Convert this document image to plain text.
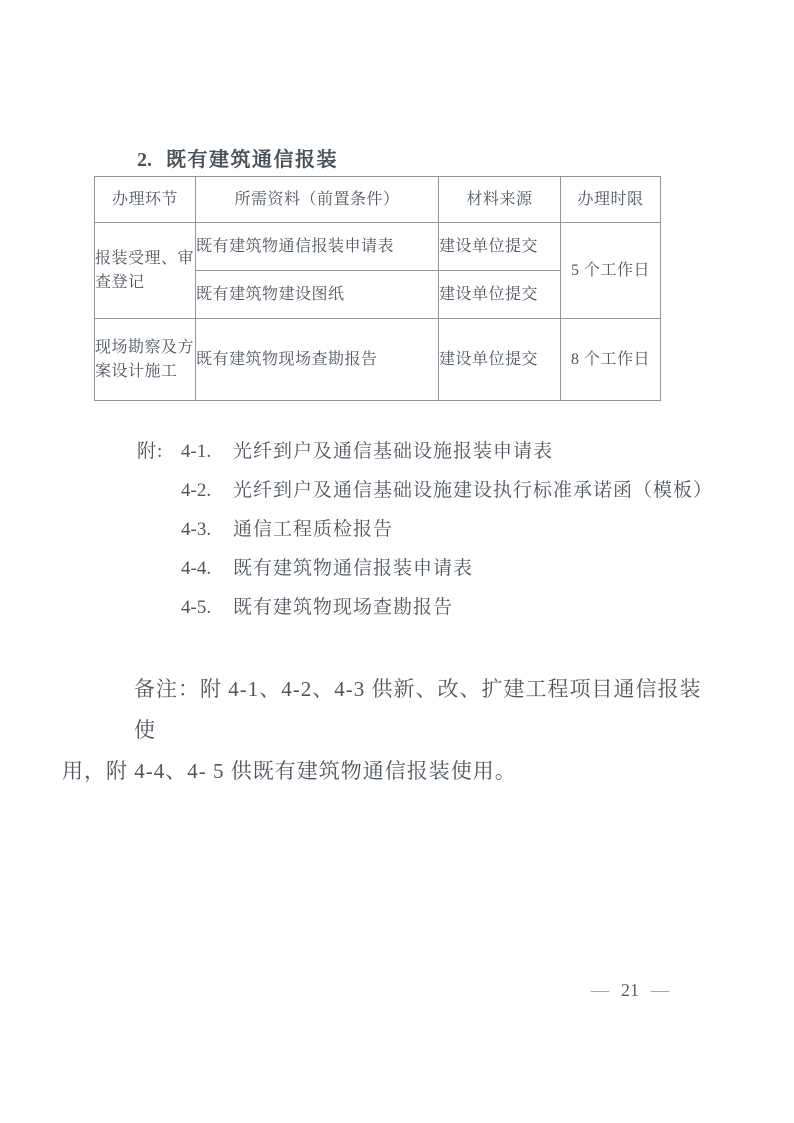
2. 既有建筑通信报装
办理环节	所需资料（前置条件）	材料来源	办理时限
报装受理、审查登记	既有建筑物通信报装申请表	建设单位提交	5 个工作日
	既有建筑物建设图纸	建设单位提交	
现场勘察及方案设计施工	既有建筑物现场查勘报告	建设单位提交	8 个工作日
附: 4-1.	光纤到户及通信基础设施报装申请表
4-2.	光纤到户及通信基础设施建设执行标准承诺函（模板）
4-3.	通信工程质检报告
4-4.	既有建筑物通信报装申请表
4-5.	既有建筑物现场查勘报告
备注：附 4-1、4-2、4-3 供新、改、扩建工程项目通信报装使
用，附 4-4、4- 5 供既有建筑物通信报装使用。
— 21 —
